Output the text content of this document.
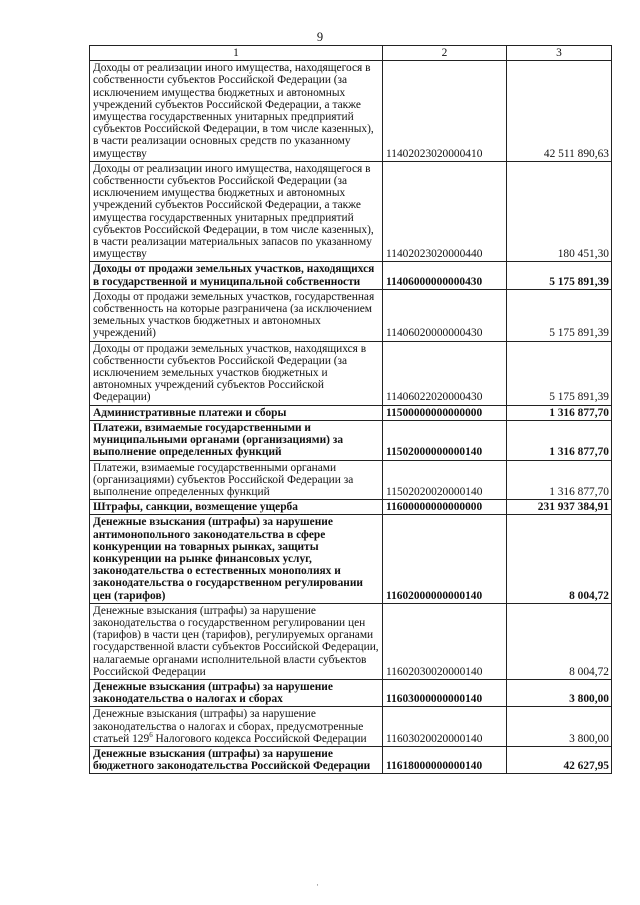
9
1	2	3
Доходы от реализации иного имущества, находящегося в собственности субъектов Российской Федерации (за исключением имущества бюджетных и автономных учреждений субъектов Российской Федерации, а также имущества государственных унитарных предприятий субъектов Российской Федерации, в том числе казенных), в части реализации основных средств по указанному имуществу	11402023020000410	42 511 890,63
Доходы от реализации иного имущества, находящегося в собственности субъектов Российской Федерации (за исключением имущества бюджетных и автономных учреждений субъектов Российской Федерации, а также имущества государственных унитарных предприятий субъектов Российской Федерации, в том числе казенных), в части реализации материальных запасов по указанному имуществу	11402023020000440	180 451,30
Доходы от продажи земельных участков, находящихся в государственной и муниципальной собственности	11406000000000430	5 175 891,39
Доходы от продажи земельных участков, государственная собственность на которые разграничена (за исключением земельных участков бюджетных и автономных учреждений)	11406020000000430	5 175 891,39
Доходы от продажи земельных участков, находящихся в собственности субъектов Российской Федерации (за исключением земельных участков бюджетных и автономных учреждений субъектов Российской Федерации)	11406022020000430	5 175 891,39
Административные платежи и сборы	11500000000000000	1 316 877,70
Платежи, взимаемые государственными и муниципальными органами (организациями) за выполнение определенных функций	11502000000000140	1 316 877,70
Платежи, взимаемые государственными органами (организациями) субъектов Российской Федерации за выполнение определенных функций	11502020020000140	1 316 877,70
Штрафы, санкции, возмещение ущерба	11600000000000000	231 937 384,91
Денежные взыскания (штрафы) за нарушение антимонопольного законодательства в сфере конкуренции на товарных рынках, защиты конкуренции на рынке финансовых услуг, законодательства о естественных монополиях и законодательства о государственном регулировании цен (тарифов)	11602000000000140	8 004,72
Денежные взыскания (штрафы) за нарушение законодательства о государственном регулировании цен (тарифов) в части цен (тарифов), регулируемых органами государственной власти субъектов Российской Федерации, налагаемые органами исполнительной власти субъектов Российской Федерации	11602030020000140	8 004,72
Денежные взыскания (штрафы) за нарушение законодательства о налогах и сборах	11603000000000140	3 800,00
Денежные взыскания (штрафы) за нарушение законодательства о налогах и сборах, предусмотренные статьей $129^6$ Налогового кодекса Российской Федерации	11603020020000140	3 800,00
Денежные взыскания (штрафы) за нарушение бюджетного законодательства Российской Федерации	11618000000000140	42 627,95
·
